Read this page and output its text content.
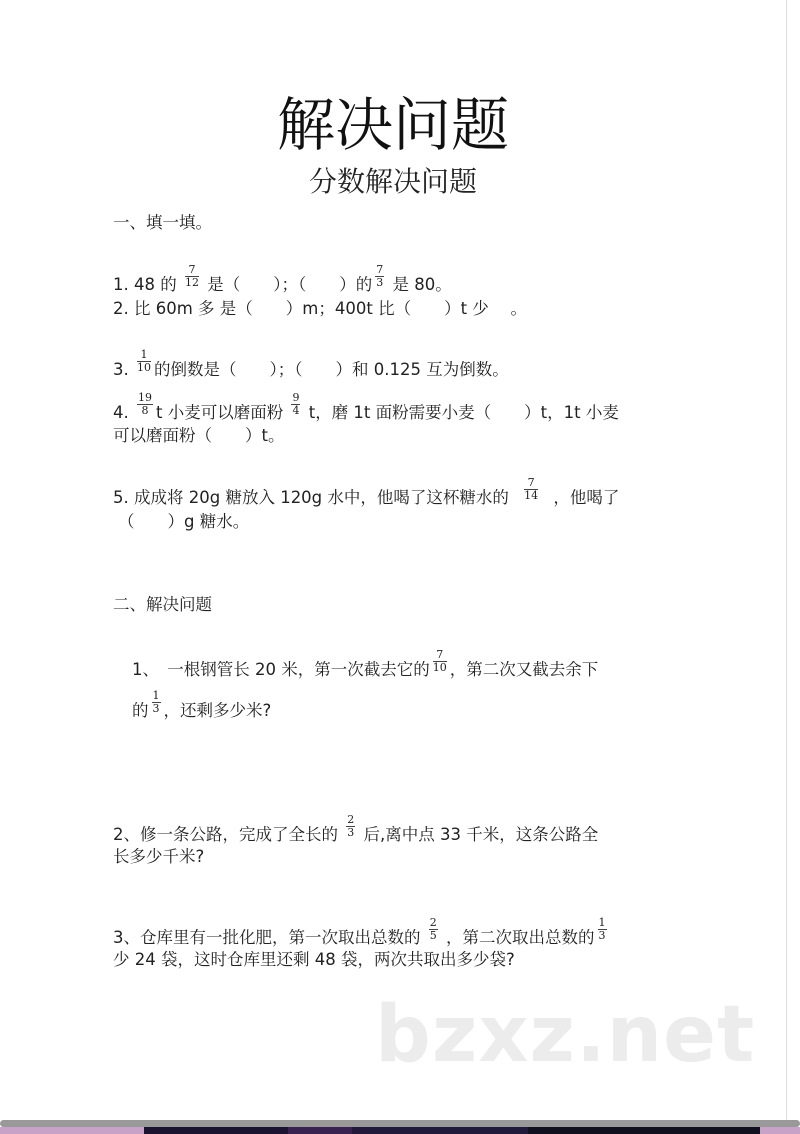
解决问题
分数解决问题
一、填一填。
1. 48 的 $\frac{7}{12}$ 是（　　）；（　　）的 $\frac{7}{3}$ 是 80。
2. 比 60m 多 是（　　）m；400t 比（　　）t 少　 。
3. $\frac{1}{10}$ 的倒数是（　　）；（　　）和 0.125 互为倒数。
4. $\frac{19}{8}$ t 小麦可以磨面粉 $\frac{9}{4}$ t，磨 1t 面粉需要小麦（　　）t，1t 小麦
可以磨面粉（　　）t。
5. 成成将 20g 糖放入 120g 水中，他喝了这杯糖水的 $\frac{7}{14}$ ，他喝了
（　　）g 糖水。
二、解决问题
1、　一根钢管长 20 米，第一次截去它的 $\frac{7}{10}$ ，第二次又截去余下
的 $\frac{1}{3}$ ，还剩多少米?
2、修一条公路，完成了全长的 $\frac{2}{3}$ 后,离中点 33 千米，这条公路全
长多少千米?
3、仓库里有一批化肥，第一次取出总数的 $\frac{2}{5}$ ，第二次取出总数的 $\frac{1}{3}$
少 24 袋，这时仓库里还剩 48 袋，两次共取出多少袋?
bzxz.net
